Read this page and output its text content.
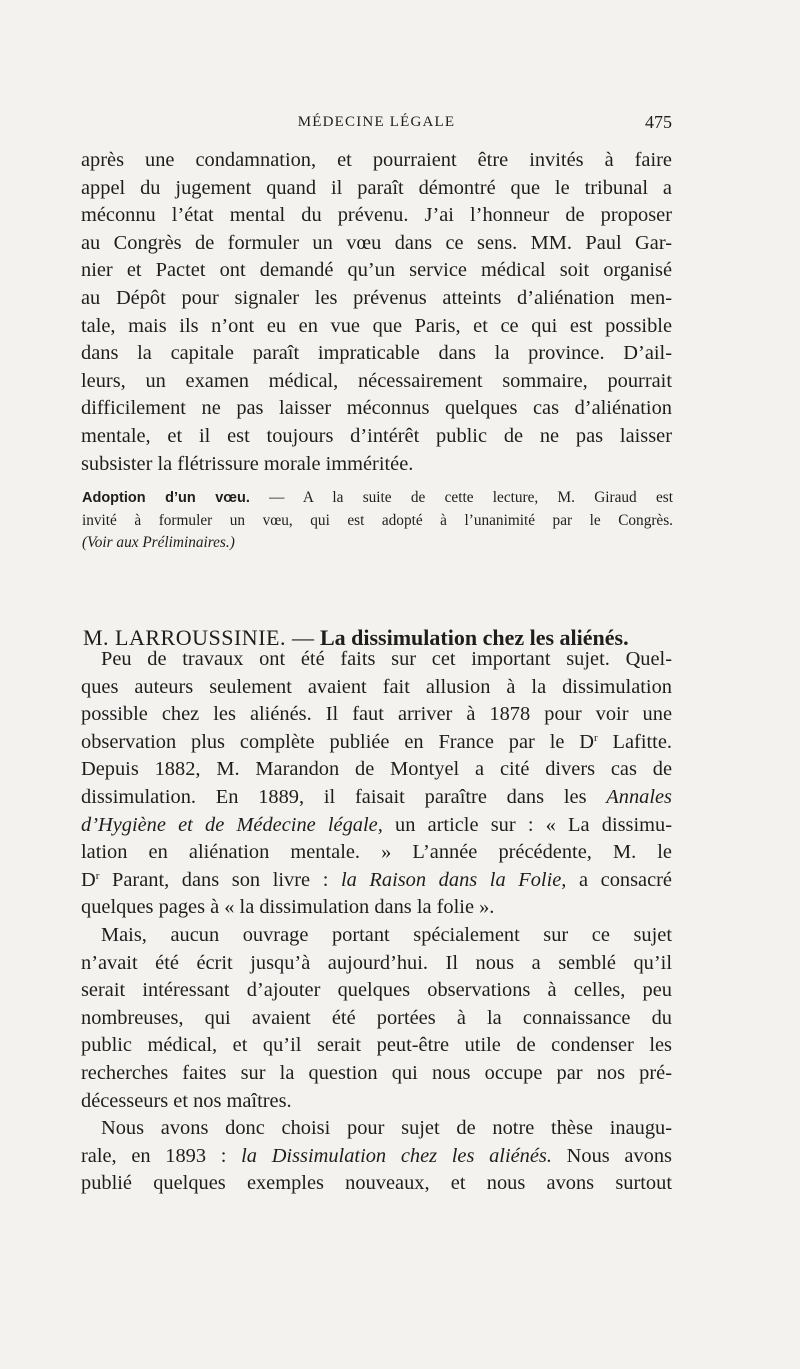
MÉDECINE LÉGALE	475
après une condamnation, et pourraient être invités à faire
appel du jugement quand il paraît démontré que le tribunal a
méconnu l’état mental du prévenu. J’ai l’honneur de proposer
au Congrès de formuler un vœu dans ce sens. MM. Paul Gar-
nier et Pactet ont demandé qu’un service médical soit organisé
au Dépôt pour signaler les prévenus atteints d’aliénation men-
tale, mais ils n’ont eu en vue que Paris, et ce qui est possible
dans la capitale paraît impraticable dans la province. D’ail-
leurs, un examen médical, nécessairement sommaire, pourrait
difficilement ne pas laisser méconnus quelques cas d’aliénation
mentale, et il est toujours d’intérêt public de ne pas laisser
subsister la flétrissure morale imméritée.
Adoption d’un vœu. — A la suite de cette lecture, M. Giraud est
invité à formuler un vœu, qui est adopté à l’unanimité par le Congrès.
(Voir aux Préliminaires.)
M. LARROUSSINIE. — La dissimulation chez les aliénés.
Peu de travaux ont été faits sur cet important sujet. Quel-
ques auteurs seulement avaient fait allusion à la dissimulation
possible chez les aliénés. Il faut arriver à 1878 pour voir une
observation plus complète publiée en France par le $D^r$ Lafitte.
Depuis 1882, M. Marandon de Montyel a cité divers cas de
dissimulation. En 1889, il faisait paraître dans les Annales
d’Hygiène et de Médecine légale, un article sur : « La dissimu-
lation en aliénation mentale. » L’année précédente, M. le
$D^r$ Parant, dans son livre : la Raison dans la Folie, a consacré
quelques pages à « la dissimulation dans la folie ».
Mais, aucun ouvrage portant spécialement sur ce sujet
n’avait été écrit jusqu’à aujourd’hui. Il nous a semblé qu’il
serait intéressant d’ajouter quelques observations à celles, peu
nombreuses, qui avaient été portées à la connaissance du
public médical, et qu’il serait peut-être utile de condenser les
recherches faites sur la question qui nous occupe par nos pré-
décesseurs et nos maîtres.
Nous avons donc choisi pour sujet de notre thèse inaugu-
rale, en 1893 : la Dissimulation chez les aliénés. Nous avons
publié quelques exemples nouveaux, et nous avons surtout
